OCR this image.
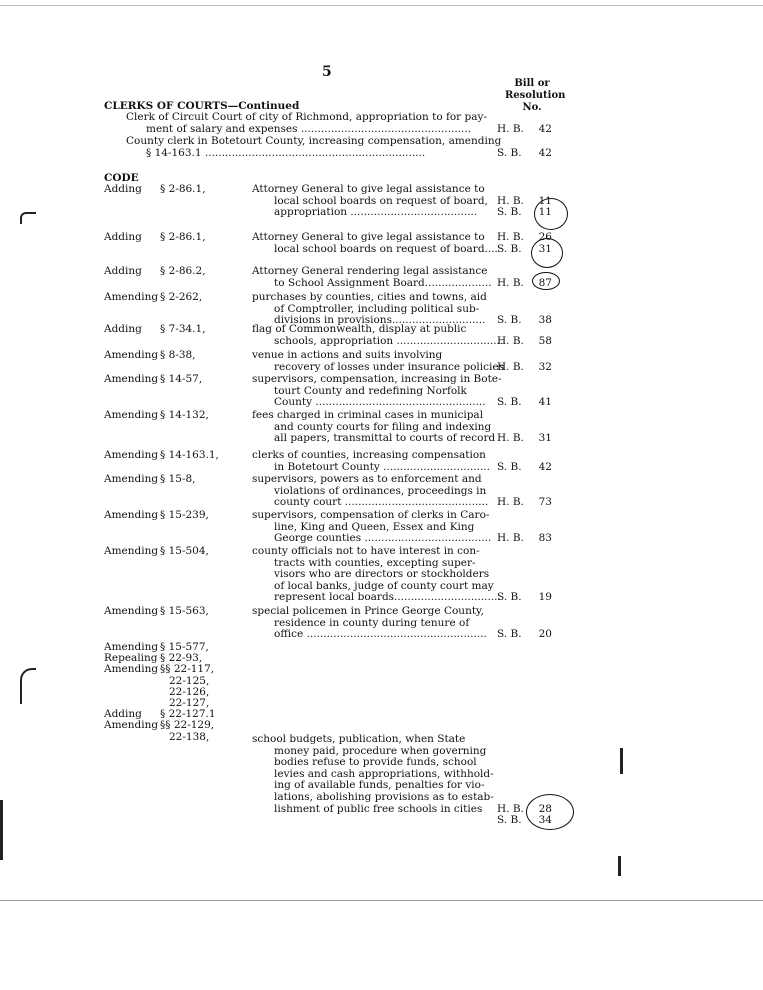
5
Bill or
Resolution
No.
CLERKS OF COURTS—Continued
Clerk of Circuit Court of city of Richmond, appropriation to for pay-
ment of salary and expenses ................................................... H. B.	42
County clerk in Botetourt County, increasing compensation, amending
§ 14-163.1 ..................................................................	S. B.	42
CODE
Adding § 2-86.1,	Attorney General to give legal assistance to
local school boards on request of board,
appropriation ......................................
H. B.	11
S. B.	11
Adding § 2-86.1,	Attorney General to give legal assistance to
local school boards on request of board....
H. B.	26
S. B.	31
Adding § 2-86.2,	Attorney General rendering legal assistance
to School Assignment Board.................... H. B.	87
Amending § 2-262,	purchases by counties, cities and towns, aid
of Comptroller, including political sub-
divisions in provisions............................ S. B.	38
Adding § 7-34.1,	flag of Commonwealth, display at public
schools, appropriation ................................
H. B.	58
Amending § 8-38,	venue in actions and suits involving
recovery of losses under insurance policies
H. B.	32
Amending § 14-57,	supervisors, compensation, increasing in Bote-
tourt County and redefining Norfolk
County ................................................... S. B.	41
Amending § 14-132,	fees charged in criminal cases in municipal
and county courts for filing and indexing
all papers, transmittal to courts of record H. B.	31
Amending § 14-163.1,	clerks of counties, increasing compensation
in Botetourt County ................................ S. B.	42
Amending § 15-8,	supervisors, powers as to enforcement and
violations of ordinances, proceedings in
county court ........................................... H. B.	73
Amending § 15-239,	supervisors, compensation of clerks in Caro-
line, King and Queen, Essex and King
George counties ...................................... H. B.	83
Amending § 15-504,	county officials not to have interest in con-
tracts with counties, excepting super-
visors who are directors or stockholders
of local banks, judge of county court may
represent local boards................................
S. B.	19
Amending § 15-563,	special policemen in Prince George County,
residence in county during tenure of
office ...................................................... S. B.	20
Amending § 15-577,
Repealing § 22-93,
Amending §§ 22-117,
22-125,
22-126,
22-127,
Adding § 22-127.1
Amending §§ 22-129,
22-138,	school budgets, publication, when State
money paid, procedure when governing
bodies refuse to provide funds, school
levies and cash appropriations, withhold-
ing of available funds, penalties for vio-
lations, abolishing provisions as to estab-
lishment of public free schools in cities H. B.	28
S. B.	34
